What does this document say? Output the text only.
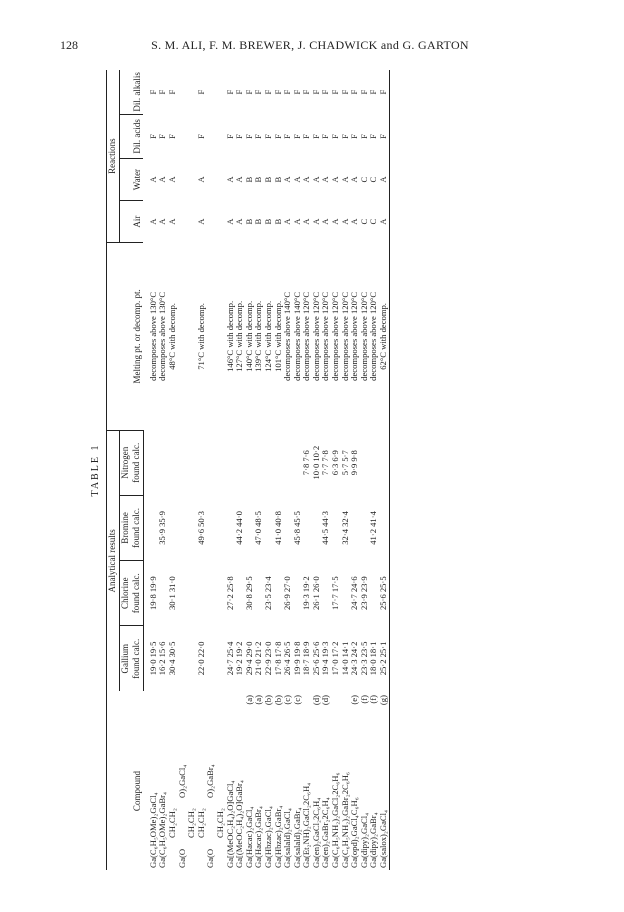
128	S. M. ALI, F. M. BREWER, J. CHADWICK and G. GARTON
TABLE 1
Compound		Analytical results				Melting pt. or decomp. pt.	Reactions			
		Gallium	Chlorine	Bromine	Nitrogen		Air	Water	Dil. acids	Dil. alkalis
		found calc.	found calc.	found calc.	found calc.					

Ga(C₆H₅OMe)₂GaCl₄		19·0 19·5	19·8 19·9			decomposes above 130°C	A	A	F	F
Ga(C₆H₅OMe)₂GaBr₄		16·2 15·6		35·9 35·9		decomposes above 130°C	A	A	F	F

CH₂CH₂
Ga(O
O)₂GaCl₄
CH₂CH₂		30·4 30·5	30·1 31·0			48°C with decomp.	A	A	F	F

CH₂CH₂
Ga(O
O)₂GaBr₄
CH₂CH₂		22·0 22·0		49·6 50·3		71°C with decomp.	A	A	F	F
Ga[(MeOC₂H₄)₂O]GaCl₄		24·7 25·4	27·2 25·8			146°C with decomp.	A	A	F	F
Ga[(MeOC₂H₄)₂O]GaBr₄		19·2 19·2		44·2 44·0		127°C with decomp.	A	A	F	F
Ga(Hacac)₂GaCl₄	(a)	29·4 29·0	30·8 29·5			140°C with decomp.	B	B	F	F
Ga(Hacac)₂GaBr₄	(a)	21·0 21·2		47·0 48·5		139°C with decomp.	B	B	F	F
Ga(Hbzac)₂GaCl₄	(b)	22·9 23·0	23·5 23·4			124°C with decomp.	B	B	F	F
Ga(Hbzac)₂GaBr₄	(b)	17·8 17·8		41·0 40·8		101°C with decomp.	B	B	F	F
Ga(salald)₂GaCl₄	(c)	26·4 26·5	26·9 27·0			decomposes above 140°C	A	A	F	F
Ga(salald)₂GaBr₄	(c)	19·9 19·8		45·8 45·5		decomposes above 140°C	A	A	F	F
Ga(Et₂NH)₂GaCl₂2C₆H₄		18·7 18·9	19·3 19·2		7·8 7·6	decomposes above 120°C	A	A	F	F
Ga(en)₂GaCl₂2C₆H₄	(d)	25·6 25·6	26·1 26·0		10·0 10·2	decomposes above 120°C	A	A	F	F
Ga(en)₂GaBr₂2C₆H₄	(d)	19·4 19·3		44·5 44·3	7·7 7·8	decomposes above 120°C	A	A	F	F
Ga(C₆H₅NH₂)₂GaCl₂2C₆H₆		17·0 17·2	17·7 17·5		6·3 6·9	decomposes above 120°C	A	A	F	F
Ga(C₆H₅NH₂)₂GaBr₂2C₆H₆		14·0 14·1		32·4 32·4	5·7 5·7	decomposes above 120°C	A	A	F	F
Ga(opd)₂GaCl₄C₆H₆	(e)	24·3 24·2	24·7 24·6		9·9 9·8	decomposes above 120°C	A	A	F	F
Ga(dipy)₂GaCl₄	(f)	23·3 23·5	23·9 23·9			decomposes above 120°C	C	C	F	F
Ga(dipy)₂GaBr₄	(f)	18·0 18·1		41·2 41·4		decomposes above 120°C	C	C	F	F
Ga(salox)₂GaCl₄	(g)	25·2 25·1	25·6 25·5			62°C with decomp.	A	A	F	F
